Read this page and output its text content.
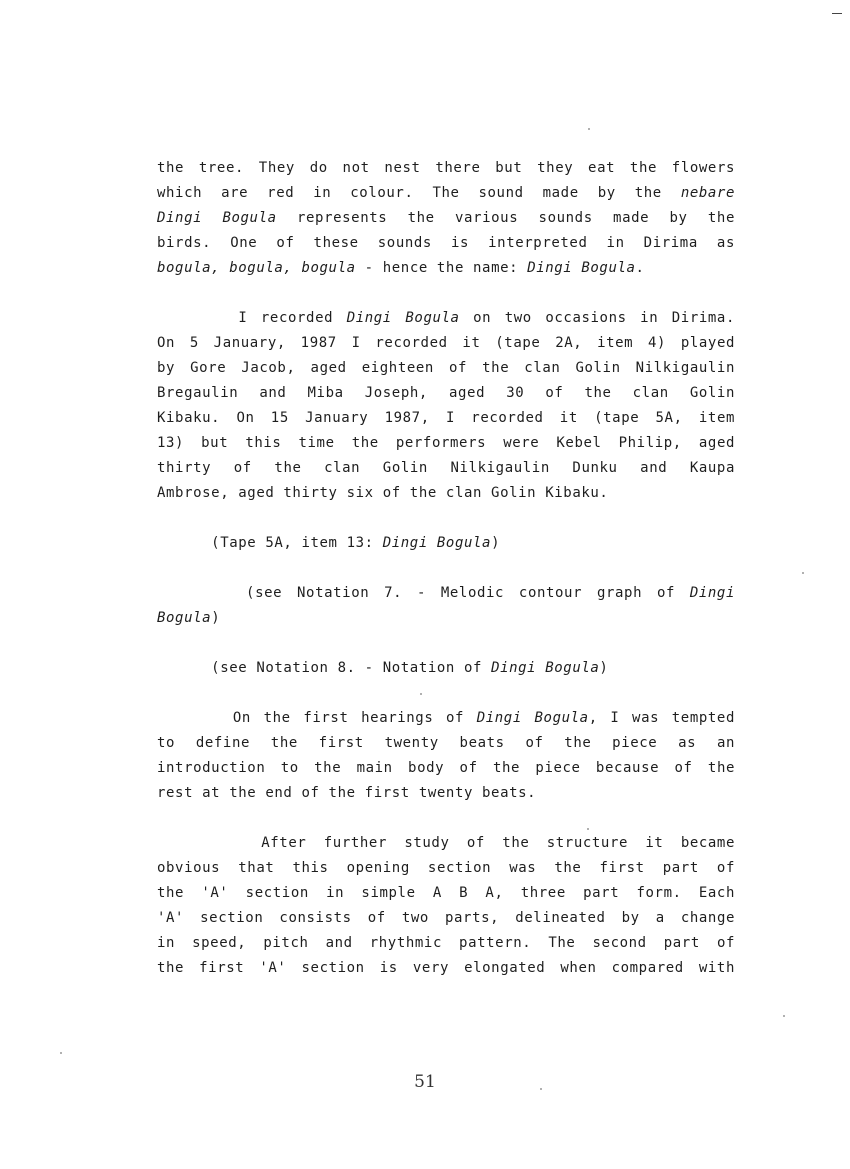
the tree. They do not nest there but they eat the flowers
which are red in colour. The sound made by the nebare
Dingi Bogula represents the various sounds made by the
birds. One of these sounds is interpreted in Dirima as
bogula, bogula, bogula - hence the name: Dingi Bogula.
I recorded Dingi Bogula on two occasions in Dirima.
On 5 January, 1987 I recorded it (tape 2A, item 4) played
by Gore Jacob, aged eighteen of the clan Golin Nilkigaulin
Bregaulin and Miba Joseph, aged 30 of the clan Golin
Kibaku. On 15 January 1987, I recorded it (tape 5A, item
13) but this time the performers were Kebel Philip, aged
thirty of the clan Golin Nilkigaulin Dunku and Kaupa
Ambrose, aged thirty six of the clan Golin Kibaku.
(Tape 5A, item 13: Dingi Bogula)
(see Notation 7. - Melodic contour graph of Dingi
Bogula)
(see Notation 8. - Notation of Dingi Bogula)
On the first hearings of Dingi Bogula, I was tempted
to define the first twenty beats of the piece as an
introduction to the main body of the piece because of the
rest at the end of the first twenty beats.
After further study of the structure it became
obvious that this opening section was the first part of
the 'A' section in simple A B A, three part form. Each
'A' section consists of two parts, delineated by a change
in speed, pitch and rhythmic pattern. The second part of
the first 'A' section is very elongated when compared with
51
